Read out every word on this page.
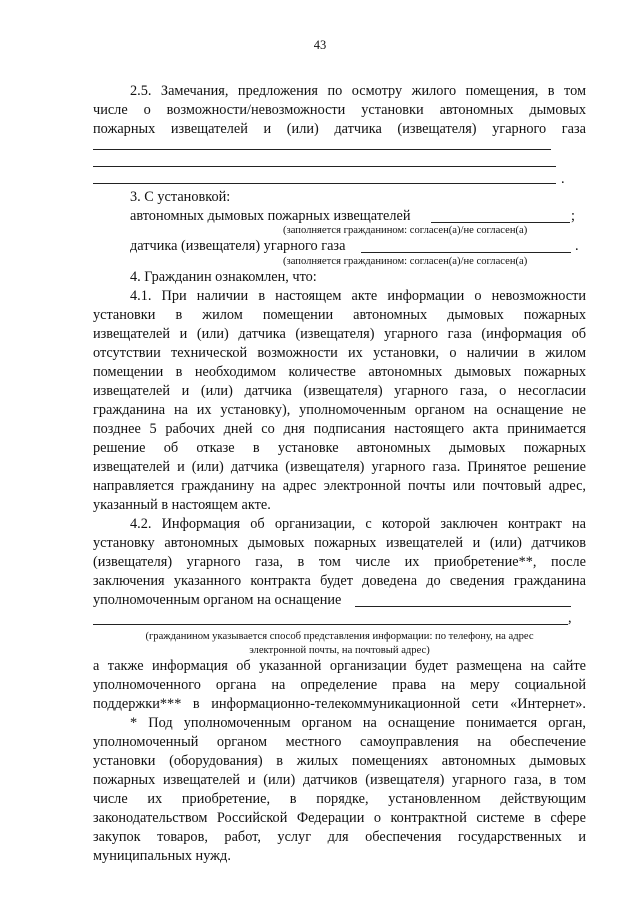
43
2.5. Замечания, предложения по осмотру жилого помещения, в том
числе о возможности/невозможности установки автономных дымовых
пожарных извещателей и (или) датчика (извещателя) угарного газа
.
3. С установкой:
автономных дымовых пожарных извещателей	;
(заполняется гражданином: согласен(а)/не согласен(а)
датчика (извещателя) угарного газа	.
(заполняется гражданином: согласен(а)/не согласен(а)
4. Гражданин ознакомлен, что:
4.1. При наличии в настоящем акте информации о невозможности
установки в жилом помещении автономных дымовых пожарных
извещателей и (или) датчика (извещателя) угарного газа (информация об
отсутствии технической возможности их установки, о наличии в жилом
помещении в необходимом количестве автономных дымовых пожарных
извещателей и (или) датчика (извещателя) угарного газа, о несогласии
гражданина на их установку), уполномоченным органом на оснащение не
позднее 5 рабочих дней со дня подписания настоящего акта принимается
решение об отказе в установке автономных дымовых пожарных
извещателей и (или) датчика (извещателя) угарного газа. Принятое решение
направляется гражданину на адрес электронной почты или почтовый адрес,
указанный в настоящем акте.
4.2. Информация об организации, с которой заключен контракт на
установку автономных дымовых пожарных извещателей и (или) датчиков
(извещателя) угарного газа, в том числе их приобретение**, после
заключения указанного контракта будет доведена до сведения гражданина
уполномоченным органом на оснащение
,
(гражданином указывается способ представления информации: по телефону, на адрес
электронной почты, на почтовый адрес)
а также информация об указанной организации будет размещена на сайте
уполномоченного органа на определение права на меру социальной
поддержки*** в информационно-телекоммуникационной сети «Интернет».
* Под уполномоченным органом на оснащение понимается орган,
уполномоченный органом местного самоуправления на обеспечение
установки (оборудования) в жилых помещениях автономных дымовых
пожарных извещателей и (или) датчиков (извещателя) угарного газа, в том
числе их приобретение, в порядке, установленном действующим
законодательством Российской Федерации о контрактной системе в сфере
закупок товаров, работ, услуг для обеспечения государственных и
муниципальных нужд.
